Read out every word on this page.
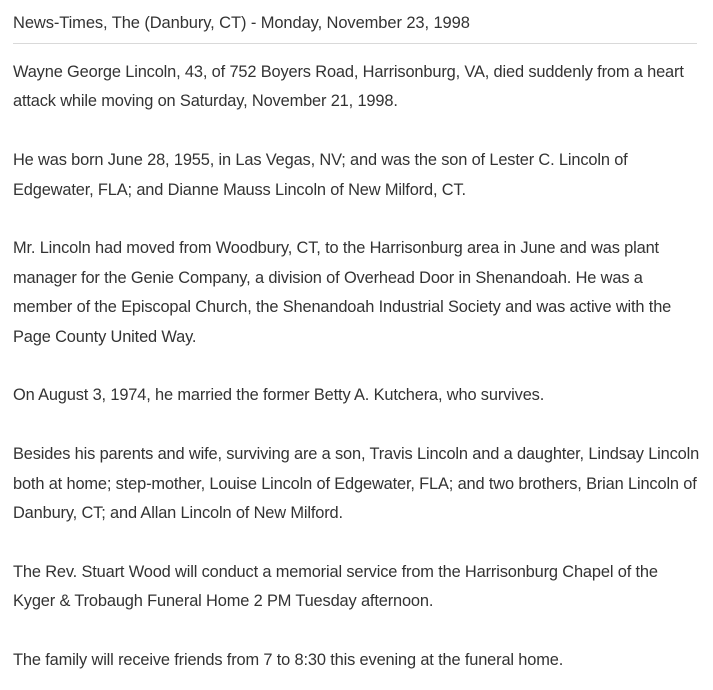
News-Times, The (Danbury, CT) - Monday, November 23, 1998

Wayne George Lincoln, 43, of 752 Boyers Road, Harrisonburg, VA, died suddenly from a heart attack while moving on Saturday, November 21, 1998.

He was born June 28, 1955, in Las Vegas, NV; and was the son of Lester C. Lincoln of Edgewater, FLA; and Dianne Mauss Lincoln of New Milford, CT.

Mr. Lincoln had moved from Woodbury, CT, to the Harrisonburg area in June and was plant manager for the Genie Company, a division of Overhead Door in Shenandoah. He was a member of the Episcopal Church, the Shenandoah Industrial Society and was active with the Page County United Way.

On August 3, 1974, he married the former Betty A. Kutchera, who survives.

Besides his parents and wife, surviving are a son, Travis Lincoln and a daughter, Lindsay Lincoln both at home; step-mother, Louise Lincoln of Edgewater, FLA; and two brothers, Brian Lincoln of Danbury, CT; and Allan Lincoln of New Milford.

The Rev. Stuart Wood will conduct a memorial service from the Harrisonburg Chapel of the Kyger & Trobaugh Funeral Home 2 PM Tuesday afternoon.

The family will receive friends from 7 to 8:30 this evening at the funeral home.
